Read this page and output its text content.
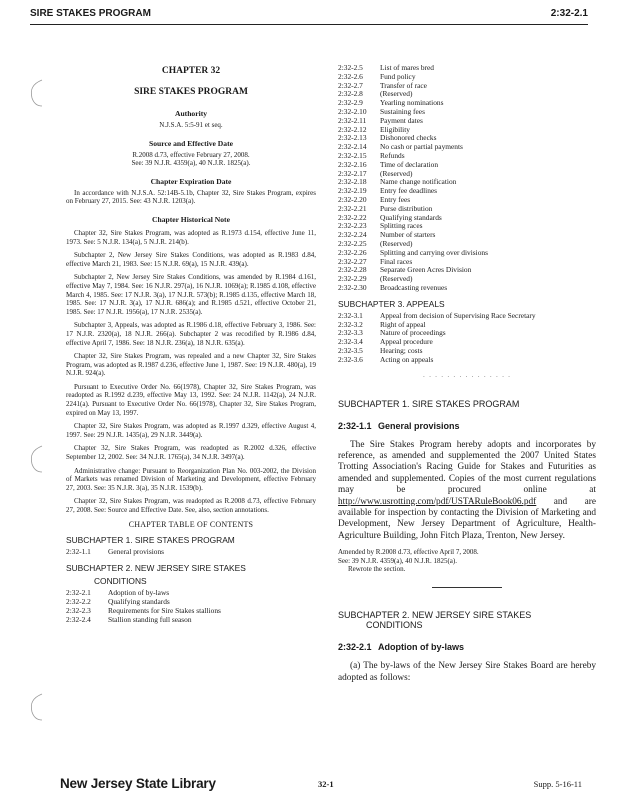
SIRE STAKES PROGRAM	2:32-2.1
CHAPTER 32
SIRE STAKES PROGRAM
Authority
N.J.S.A. 5:5-91 et seq.
Source and Effective Date
R.2008 d.73, effective February 27, 2008.
See: 39 N.J.R. 4359(a), 40 N.J.R. 1825(a).
Chapter Expiration Date

In accordance with N.J.S.A. 52:14B-5.1b, Chapter 32, Sire Stakes Program, expires on February 27, 2015. See: 43 N.J.R. 1203(a).

Chapter Historical Note

Chapter 32, Sire Stakes Program, was adopted as R.1973 d.154, effective June 11, 1973. See: 5 N.J.R. 134(a), 5 N.J.R. 214(b).

Subchapter 2, New Jersey Sire Stakes Conditions, was adopted as R.1983 d.84, effective March 21, 1983. See: 15 N.J.R. 69(a), 15 N.J.R. 439(a).

Subchapter 2, New Jersey Sire Stakes Conditions, was amended by R.1984 d.161, effective May 7, 1984. See: 16 N.J.R. 297(a), 16 N.J.R. 1069(a); R.1985 d.108, effective March 4, 1985. See: 17 N.J.R. 3(a), 17 N.J.R. 573(b); R.1985 d.135, effective March 18, 1985. See: 17 N.J.R. 3(a), 17 N.J.R. 686(a); and R.1985 d.521, effective October 21, 1985. See: 17 N.J.R. 1956(a), 17 N.J.R. 2535(a).

Subchapter 3, Appeals, was adopted as R.1986 d.18, effective February 3, 1986. See: 17 N.J.R. 2320(a), 18 N.J.R. 266(a). Subchapter 2 was recodified by R.1986 d.84, effective April 7, 1986. See: 18 N.J.R. 236(a), 18 N.J.R. 635(a).

Chapter 32, Sire Stakes Program, was repealed and a new Chapter 32, Sire Stakes Program, was adopted as R.1987 d.236, effective June 1, 1987. See: 19 N.J.R. 480(a), 19 N.J.R. 924(a).

Pursuant to Executive Order No. 66(1978), Chapter 32, Sire Stakes Program, was readopted as R.1992 d.239, effective May 13, 1992. See: 24 N.J.R. 1142(a), 24 N.J.R. 2241(a). Pursuant to Executive Order No. 66(1978), Chapter 32, Sire Stakes Program, expired on May 13, 1997.

Chapter 32, Sire Stakes Program, was adopted as R.1997 d.329, effective August 4, 1997. See: 29 N.J.R. 1435(a), 29 N.J.R. 3449(a).

Chapter 32, Sire Stakes Program, was readopted as R.2002 d.326, effective September 12, 2002. See: 34 N.J.R. 1765(a), 34 N.J.R. 3497(a).

Administrative change: Pursuant to Reorganization Plan No. 003-2002, the Division of Markets was renamed Division of Marketing and Development, effective February 27, 2003. See: 35 N.J.R. 3(a), 35 N.J.R. 1539(b).

Chapter 32, Sire Stakes Program, was readopted as R.2008 d.73, effective February 27, 2008. See: Source and Effective Date. See, also, section annotations.

CHAPTER TABLE OF CONTENTS
SUBCHAPTER 1. SIRE STAKES PROGRAM
2:32-1.1	General provisions
SUBCHAPTER 2. NEW JERSEY SIRE STAKES
CONDITIONS
2:32-2.1	Adoption of by-laws
2:32-2.2	Qualifying standards
2:32-2.3	Requirements for Sire Stakes stallions
2:32-2.4	Stallion standing full season
2:32-2.5	List of mares bred
2:32-2.6	Fund policy
2:32-2.7	Transfer of race
2:32-2.8	(Reserved)
2:32-2.9	Yearling nominations
2:32-2.10	Sustaining fees
2:32-2.11	Payment dates
2:32-2.12	Eligibility
2:32-2.13	Dishonored checks
2:32-2.14	No cash or partial payments
2:32-2.15	Refunds
2:32-2.16	Time of declaration
2:32-2.17	(Reserved)
2:32-2.18	Name change notification
2:32-2.19	Entry fee deadlines
2:32-2.20	Entry fees
2:32-2.21	Purse distribution
2:32-2.22	Qualifying standards
2:32-2.23	Splitting races
2:32-2.24	Number of starters
2:32-2.25	(Reserved)
2:32-2.26	Splitting and carrying over divisions
2:32-2.27	Final races
2:32-2.28	Separate Green Acres Division
2:32-2.29	(Reserved)
2:32-2.30	Broadcasting revenues
SUBCHAPTER 3. APPEALS
2:32-3.1	Appeal from decision of Supervising Race Secretary
2:32-3.2	Right of appeal
2:32-3.3	Nature of proceedings
2:32-3.4	Appeal procedure
2:32-3.5	Hearing; costs
2:32-3.6	Acting on appeals
· · · · · · · · · · · · · · ·
SUBCHAPTER 1. SIRE STAKES PROGRAM
2:32-1.1 General provisions

The Sire Stakes Program hereby adopts and incorporates by reference, as amended and supplemented the 2007 United States Trotting Association's Racing Guide for Stakes and Futurities as amended and supplemented. Copies of the most current regulations may be procured online at http://www.usrotting.com/pdf/USTARuleBook06.pdf and are available for inspection by contacting the Division of Marketing and Development, New Jersey Department of Agriculture, Health-Agriculture Building, John Fitch Plaza, Trenton, New Jersey.

Amended by R.2008 d.73, effective April 7, 2008.
See: 39 N.J.R. 4359(a), 40 N.J.R. 1825(a).
Rewrote the section.
SUBCHAPTER 2. NEW JERSEY SIRE STAKES
CONDITIONS
2:32-2.1 Adoption of by-laws

(a) The by-laws of the New Jersey Sire Stakes Board are hereby adopted as follows:

New Jersey State Library	32-1	Supp. 5-16-11
